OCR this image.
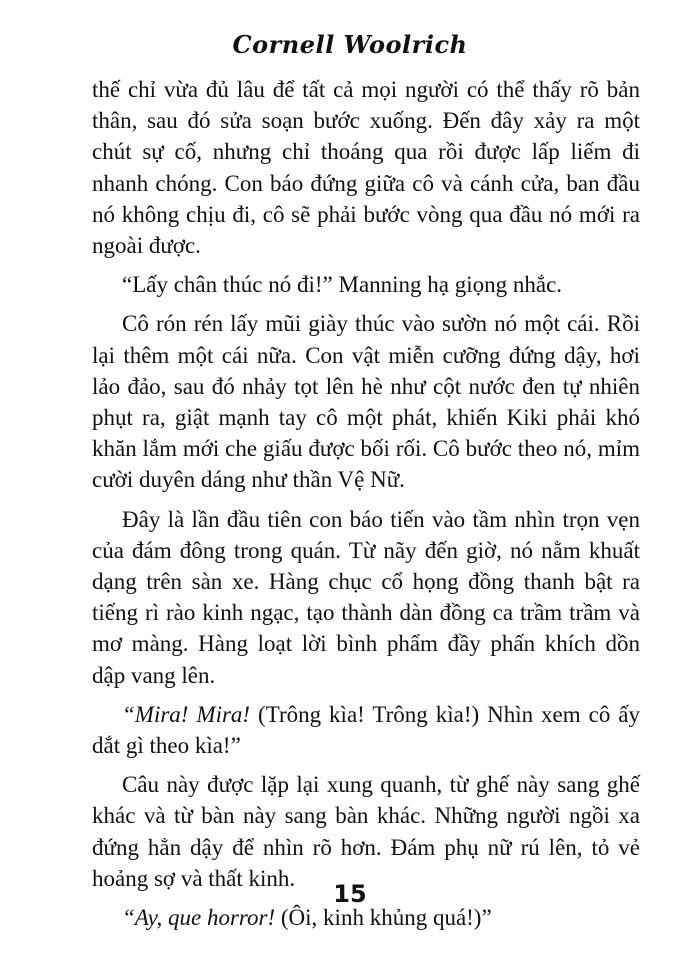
Cornell Woolrich

thế chỉ vừa đủ lâu để tất cả mọi người có thể thấy rõ bản thân, sau đó sửa soạn bước xuống. Đến đây xảy ra một chút sự cố, nhưng chỉ thoáng qua rồi được lấp liếm đi nhanh chóng. Con báo đứng giữa cô và cánh cửa, ban đầu nó không chịu đi, cô sẽ phải bước vòng qua đầu nó mới ra ngoài được.

“Lấy chân thúc nó đi!” Manning hạ giọng nhắc.

Cô rón rén lấy mũi giày thúc vào sườn nó một cái. Rồi lại thêm một cái nữa. Con vật miễn cưỡng đứng dậy, hơi lảo đảo, sau đó nhảy tọt lên hè như cột nước đen tự nhiên phụt ra, giật mạnh tay cô một phát, khiến Kiki phải khó khăn lắm mới che giấu được bối rối. Cô bước theo nó, mỉm cười duyên dáng như thần Vệ Nữ.

Đây là lần đầu tiên con báo tiến vào tầm nhìn trọn vẹn của đám đông trong quán. Từ nãy đến giờ, nó nằm khuất dạng trên sàn xe. Hàng chục cổ họng đồng thanh bật ra tiếng rì rào kinh ngạc, tạo thành dàn đồng ca trầm trầm và mơ màng. Hàng loạt lời bình phẩm đầy phấn khích dồn dập vang lên.

“Mira! Mira! (Trông kìa! Trông kìa!) Nhìn xem cô ấy dắt gì theo kìa!”

Câu này được lặp lại xung quanh, từ ghế này sang ghế khác và từ bàn này sang bàn khác. Những người ngồi xa đứng hẳn dậy để nhìn rõ hơn. Đám phụ nữ rú lên, tỏ vẻ hoảng sợ và thất kinh.

“Ay, que horror! (Ôi, kinh khủng quá!)”

15
